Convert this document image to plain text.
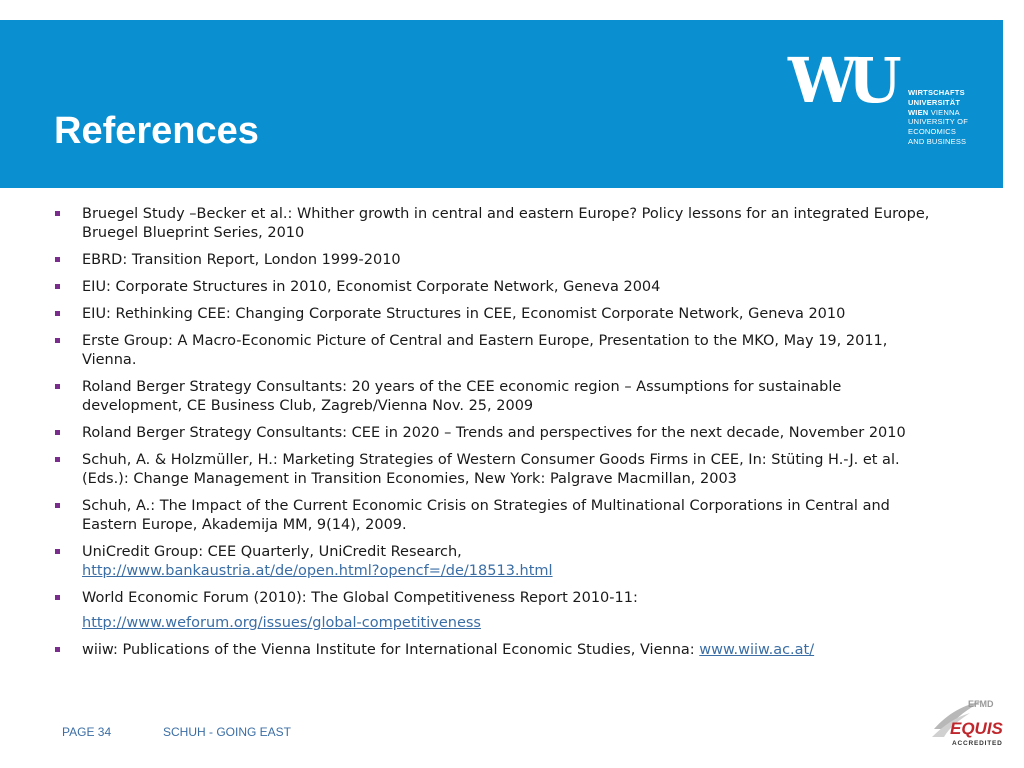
References
WU WIRTSCHAFTS
UNIVERSITÄT
WIEN VIENNA
UNIVERSITY OF
ECONOMICS
AND BUSINESS
Bruegel Study –Becker et al.: Whither growth in central and eastern Europe? Policy lessons for an integrated Europe, Bruegel Blueprint Series, 2010
EBRD: Transition Report, London 1999-2010
EIU: Corporate Structures in 2010, Economist Corporate Network, Geneva 2004
EIU: Rethinking CEE: Changing Corporate Structures in CEE, Economist Corporate Network, Geneva 2010
Erste Group: A Macro-Economic Picture of Central and Eastern Europe, Presentation to the MKO, May 19, 2011, Vienna.
Roland Berger Strategy Consultants: 20 years of the CEE economic region – Assumptions for sustainable development, CE Business Club, Zagreb/Vienna Nov. 25, 2009
Roland Berger Strategy Consultants: CEE in 2020 – Trends and perspectives for the next decade, November 2010
Schuh, A. & Holzmüller, H.: Marketing Strategies of Western Consumer Goods Firms in CEE, In: Stüting H.-J. et al. (Eds.): Change Management in Transition Economies, New York: Palgrave Macmillan, 2003
Schuh, A.: The Impact of the Current Economic Crisis on Strategies of Multinational Corporations in Central and Eastern Europe, Akademija MM, 9(14), 2009.
UniCredit Group: CEE Quarterly, UniCredit Research,
http://www.bankaustria.at/de/open.html?opencf=/de/18513.html
World Economic Forum (2010): The Global Competitiveness Report 2010-11:
http://www.weforum.org/issues/global-competitiveness
wiiw: Publications of the Vienna Institute for International Economic Studies, Vienna: www.wiiw.ac.at/
PAGE 34	SCHUH - GOING EAST
EFMD
EQUIS
ACCREDITED
